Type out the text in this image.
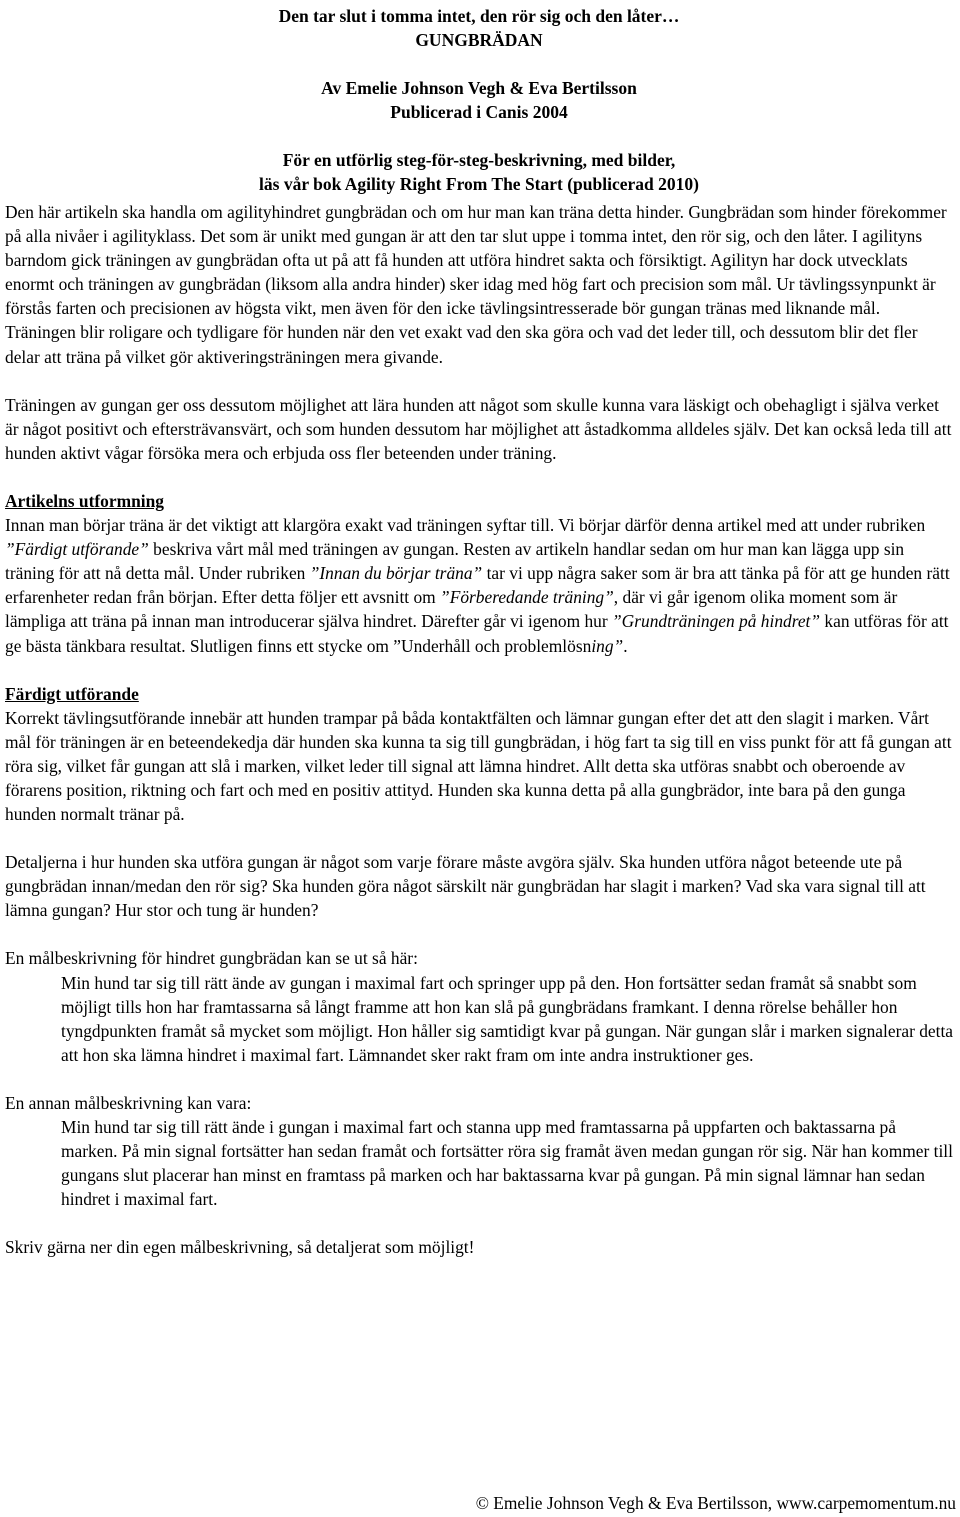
Den tar slut i tomma intet, den rör sig och den låter…
GUNGBRÄDAN
Av Emelie Johnson Vegh & Eva Bertilsson
Publicerad i Canis 2004
För en utförlig steg-för-steg-beskrivning, med bilder,
läs vår bok Agility Right From The Start (publicerad 2010)

Den här artikeln ska handla om agilityhindret gungbrädan och om hur man kan träna detta hinder. Gungbrädan som hinder förekommer på alla nivåer i agilityklass. Det som är unikt med gungan är att den tar slut uppe i tomma intet, den rör sig, och den låter. I agilityns barndom gick träningen av gungbrädan ofta ut på att få hunden att utföra hindret sakta och försiktigt. Agilityn har dock utvecklats enormt och träningen av gungbrädan (liksom alla andra hinder) sker idag med hög fart och precision som mål. Ur tävlingssynpunkt är förstås farten och precisionen av högsta vikt, men även för den icke tävlingsintresserade bör gungan tränas med liknande mål. Träningen blir roligare och tydligare för hunden när den vet exakt vad den ska göra och vad det leder till, och dessutom blir det fler delar att träna på vilket gör aktiveringsträningen mera givande.

Träningen av gungan ger oss dessutom möjlighet att lära hunden att något som skulle kunna vara läskigt och obehagligt i själva verket är något positivt och eftersträvansvärt, och som hunden dessutom har möjlighet att åstadkomma alldeles själv. Det kan också leda till att hunden aktivt vågar försöka mera och erbjuda oss fler beteenden under träning.

Artikelns utformning

Innan man börjar träna är det viktigt att klargöra exakt vad träningen syftar till. Vi börjar därför denna artikel med att under rubriken ”Färdigt utförande” beskriva vårt mål med träningen av gungan. Resten av artikeln handlar sedan om hur man kan lägga upp sin träning för att nå detta mål. Under rubriken ”Innan du börjar träna” tar vi upp några saker som är bra att tänka på för att ge hunden rätt erfarenheter redan från början. Efter detta följer ett avsnitt om ”Förberedande träning”, där vi går igenom olika moment som är lämpliga att träna på innan man introducerar själva hindret. Därefter går vi igenom hur ”Grundträningen på hindret” kan utföras för att ge bästa tänkbara resultat. Slutligen finns ett stycke om ”Underhåll och problemlösning”.

Färdigt utförande

Korrekt tävlingsutförande innebär att hunden trampar på båda kontaktfälten och lämnar gungan efter det att den slagit i marken. Vårt mål för träningen är en beteendekedja där hunden ska kunna ta sig till gungbrädan, i hög fart ta sig till en viss punkt för att få gungan att röra sig, vilket får gungan att slå i marken, vilket leder till signal att lämna hindret. Allt detta ska utföras snabbt och oberoende av förarens position, riktning och fart och med en positiv attityd. Hunden ska kunna detta på alla gungbrädor, inte bara på den gunga hunden normalt tränar på.

Detaljerna i hur hunden ska utföra gungan är något som varje förare måste avgöra själv. Ska hunden utföra något beteende ute på gungbrädan innan/medan den rör sig? Ska hunden göra något särskilt när gungbrädan har slagit i marken? Vad ska vara signal till att lämna gungan? Hur stor och tung är hunden?

En målbeskrivning för hindret gungbrädan kan se ut så här:

Min hund tar sig till rätt ände av gungan i maximal fart och springer upp på den. Hon fortsätter sedan framåt så snabbt som möjligt tills hon har framtassarna så långt framme att hon kan slå på gungbrädans framkant. I denna rörelse behåller hon tyngdpunkten framåt så mycket som möjligt. Hon håller sig samtidigt kvar på gungan. När gungan slår i marken signalerar detta att hon ska lämna hindret i maximal fart. Lämnandet sker rakt fram om inte andra instruktioner ges.

En annan målbeskrivning kan vara:

Min hund tar sig till rätt ände i gungan i maximal fart och stanna upp med framtassarna på uppfarten och baktassarna på marken. På min signal fortsätter han sedan framåt och fortsätter röra sig framåt även medan gungan rör sig. När han kommer till gungans slut placerar han minst en framtass på marken och har baktassarna kvar på gungan. På min signal lämnar han sedan hindret i maximal fart.

Skriv gärna ner din egen målbeskrivning, så detaljerat som möjligt!

© Emelie Johnson Vegh & Eva Bertilsson, www.carpemomentum.nu
